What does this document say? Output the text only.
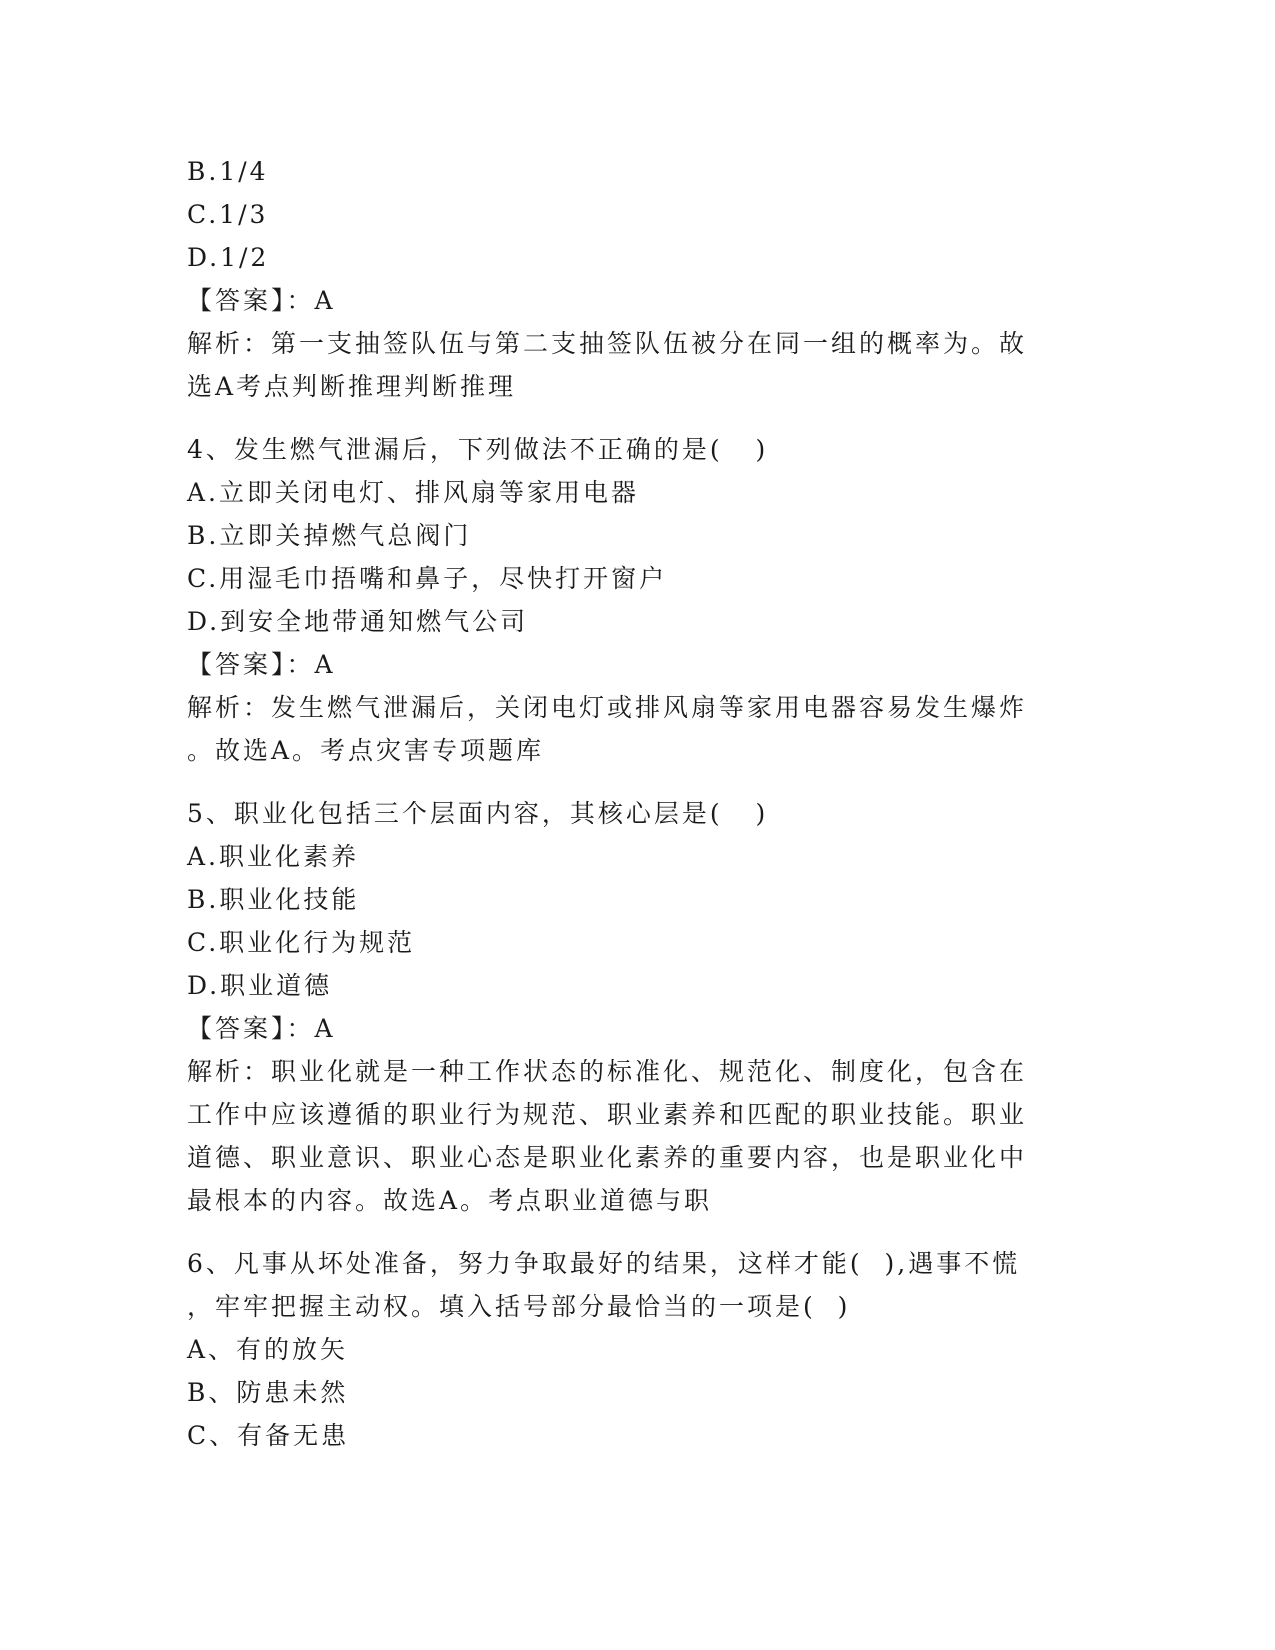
B.1/4
C.1/3
D.1/2
【答案】：A
解析：第一支抽签队伍与第二支抽签队伍被分在同一组的概率为。故
选A考点判断推理判断推理
4、发生燃气泄漏后，下列做法不正确的是(   )
A.立即关闭电灯、排风扇等家用电器
B.立即关掉燃气总阀门
C.用湿毛巾捂嘴和鼻子，尽快打开窗户
D.到安全地带通知燃气公司
【答案】：A
解析：发生燃气泄漏后，关闭电灯或排风扇等家用电器容易发生爆炸
。故选A。考点灾害专项题库
5、职业化包括三个层面内容，其核心层是(   )
A.职业化素养
B.职业化技能
C.职业化行为规范
D.职业道德
【答案】：A
解析：职业化就是一种工作状态的标准化、规范化、制度化，包含在
工作中应该遵循的职业行为规范、职业素养和匹配的职业技能。职业
道德、职业意识、职业心态是职业化素养的重要内容，也是职业化中
最根本的内容。故选A。考点职业道德与职
6、凡事从坏处准备，努力争取最好的结果，这样才能(  ),遇事不慌
，牢牢把握主动权。填入括号部分最恰当的一项是(  )
A、有的放矢
B、防患未然
C、有备无患
